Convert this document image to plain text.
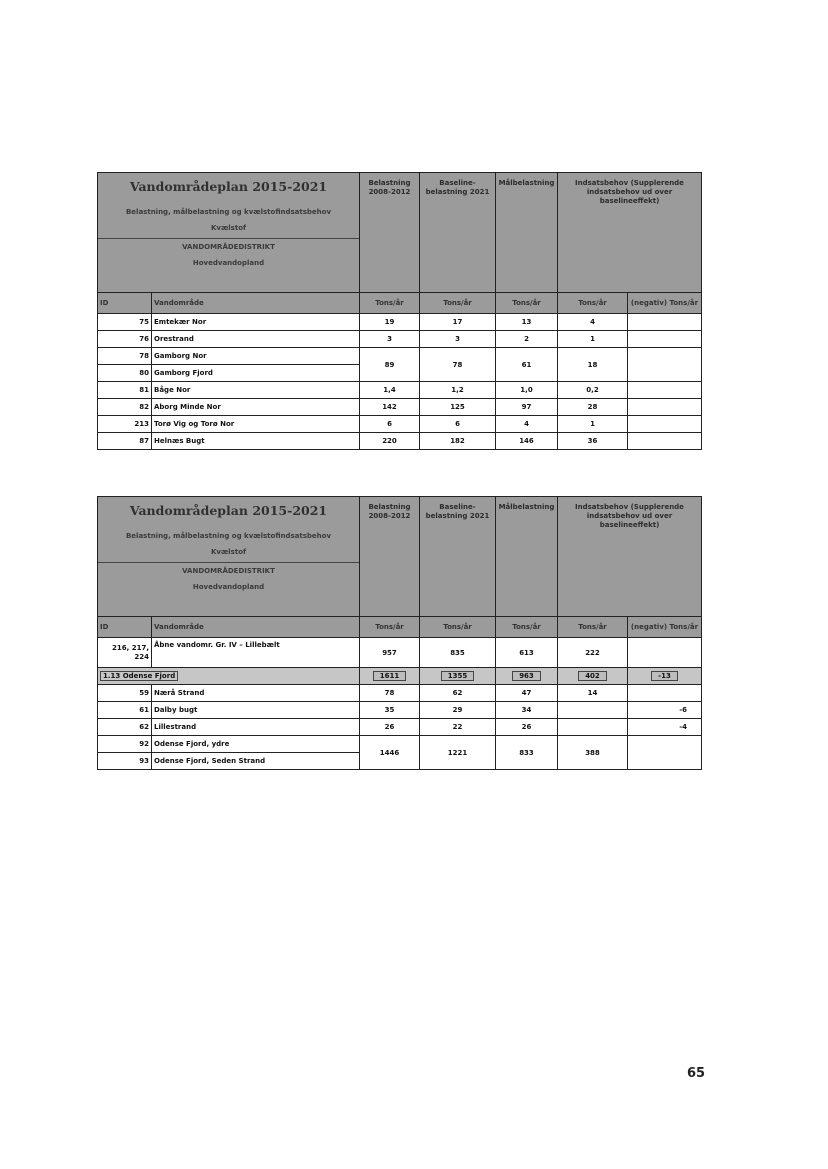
Vandområdeplan 2015-2021
Belastning, målbelastning og kvælstofindsatsbehov
Kvælstof
VANDOMRÅDEDISTRIKT
Hovedvandopland		Belastning 2008-2012	Baseline-belastning 2021	Målbelastning	Indsatsbehov (Supplerende indsatsbehov ud over baselineeffekt)	

ID	Vandområde	Tons/år	Tons/år	Tons/år	Tons/år	(negativ) Tons/år
75	Emtekær Nor	19	17	13	4	
76	Orestrand	3	3	2	1	
78	Gamborg Nor	89	78	61	18	
80	Gamborg Fjord					
81	Båge Nor	1,4	1,2	1,0	0,2	
82	Aborg Minde Nor	142	125	97	28	
213	Torø Vig og Torø Nor	6	6	4	1	
87	Helnæs Bugt	220	182	146	36	
Vandområdeplan 2015-2021
Belastning, målbelastning og kvælstofindsatsbehov
Kvælstof
VANDOMRÅDEDISTRIKT
Hovedvandopland		Belastning 2008-2012	Baseline-belastning 2021	Målbelastning	Indsatsbehov (Supplerende indsatsbehov ud over baselineeffekt)	

ID	Vandområde	Tons/år	Tons/år	Tons/år	Tons/år	(negativ) Tons/år
216, 217, 224	Åbne vandomr. Gr. IV – Lillebælt	957	835	613	222	
1.13 Odense Fjord		1611	1355	963	402	-13
59	Nærå Strand	78	62	47	14	
61	Dalby bugt	35	29	34		-6
62	Lillestrand	26	22	26		-4
92	Odense Fjord, ydre	1446	1221	833	388	
93	Odense Fjord, Seden Strand					
65
